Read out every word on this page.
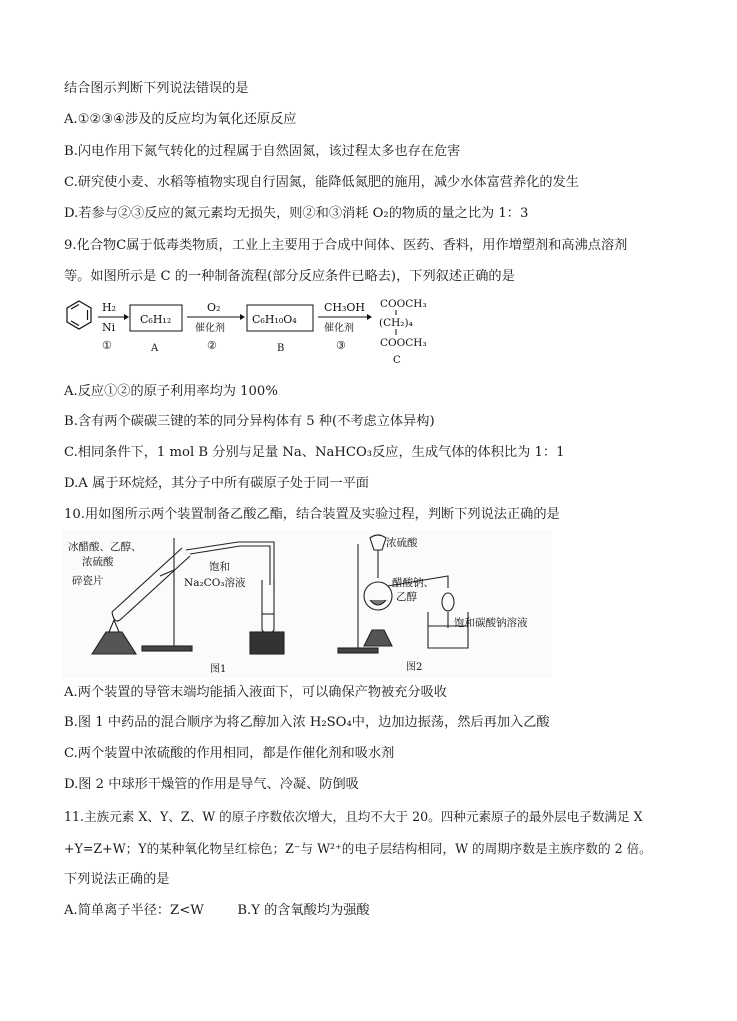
结合图示判断下列说法错误的是
A.①②③④涉及的反应均为氧化还原反应
B.闪电作用下氮气转化的过程属于自然固氮，该过程太多也存在危害
C.研究使小麦、水稻等植物实现自行固氮，能降低氮肥的施用，减少水体富营养化的发生
D.若参与②③反应的氮元素均无损失，则②和③消耗 O₂的物质的量之比为 1：3
9.化合物C属于低毒类物质，工业上主要用于合成中间体、医药、香料，用作増塑剂和高沸点溶剂
等。如图所示是 C 的一种制备流程(部分反应条件已略去)，下列叙述正确的是
H₂
Ni
①
C₆H₁₂
A
O₂
催化剂
②
C₆H₁₀O₄
B
CH₃OH
催化剂
③
COOCH₃
(CH₂)₄
COOCH₃
C
A.反应①②的原子利用率均为 100%
B.含有两个碳碳三键的苯的同分异构体有 5 种(不考虑立体异构)
C.相同条件下，1 mol B 分别与足量 Na、NaHCO₃反应，生成气体的体积比为 1：1
D.A 属于环烷烃，其分子中所有碳原子处于同一平面
10.用如图所示两个装置制备乙酸乙酯，结合装置及实验过程，判断下列说法正确的是
冰醋酸、乙醇、
浓硫酸
碎瓷片
饱和
Na₂CO₃溶液
图1
浓硫酸
醋酸钠、
乙醇
饱和碳酸钠溶液
图2
A.两个装置的导管末端均能插入液面下，可以确保产物被充分吸收
B.图 1 中药品的混合顺序为将乙醇加入浓 H₂SO₄中，边加边振荡，然后再加入乙酸
C.两个装置中浓硫酸的作用相同，都是作催化剂和吸水剂
D.图 2 中球形干燥管的作用是导气、冷凝、防倒吸
11.主族元素 X、Y、Z、W 的原子序数依次增大，且均不大于 20。四种元素原子的最外层电子数满足 X
+Y=Z+W；Y的某种氧化物呈红棕色；Z⁻与 W²⁺的电子层结构相同，W 的周期序数是主族序数的 2 倍。
下列说法正确的是
A.简单离子半径：Z<W        B.Y 的含氧酸均为强酸
